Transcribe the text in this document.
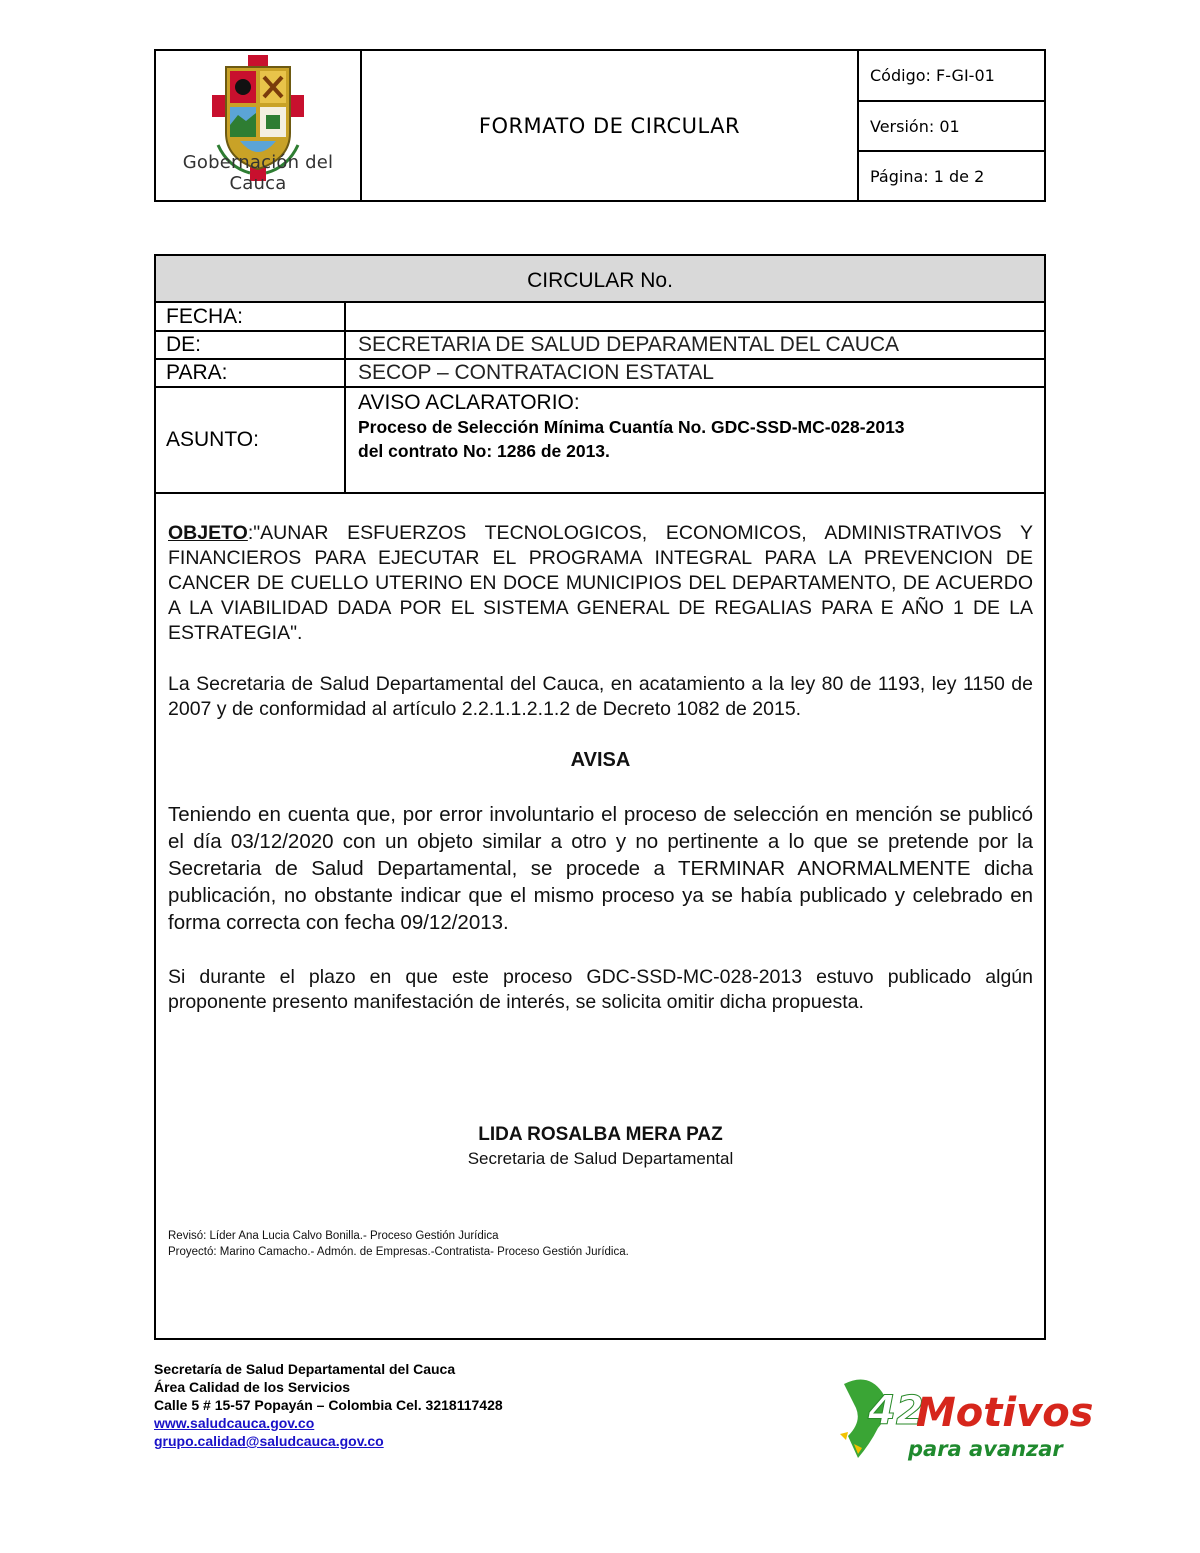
Gobernación del Cauca
FORMATO DE CIRCULAR
Código: F-GI-01
Versión: 01
Página: 1 de 2
CIRCULAR No.
FECHA:
DE:	SECRETARIA DE SALUD DEPARAMENTAL DEL CAUCA
PARA:	SECOP – CONTRATACION ESTATAL
ASUNTO:
AVISO ACLARATORIO:
Proceso de Selección Mínima Cuantía No. GDC-SSD-MC-028-2013
del contrato No: 1286 de 2013.
OBJETO:"AUNAR ESFUERZOS TECNOLOGICOS, ECONOMICOS, ADMINISTRATIVOS Y FINANCIEROS PARA EJECUTAR EL PROGRAMA INTEGRAL PARA LA PREVENCION DE CANCER DE CUELLO UTERINO EN DOCE MUNICIPIOS DEL DEPARTAMENTO, DE ACUERDO A LA VIABILIDAD DADA POR EL SISTEMA GENERAL DE REGALIAS PARA E AÑO 1 DE LA ESTRATEGIA".
La Secretaria de Salud Departamental del Cauca, en acatamiento a la ley 80 de 1193, ley 1150 de 2007 y de conformidad al artículo 2.2.1.1.2.1.2 de Decreto 1082 de 2015.
AVISA
Teniendo en cuenta que, por error involuntario el proceso de selección en mención se publicó el día 03/12/2020 con un objeto similar a otro y no pertinente a lo que se pretende por la Secretaria de Salud Departamental, se procede a TERMINAR ANORMALMENTE dicha publicación, no obstante indicar que el mismo proceso ya se había publicado y celebrado en forma correcta con fecha 09/12/2013.
Si durante el plazo en que este proceso GDC-SSD-MC-028-2013 estuvo publicado algún proponente presento manifestación de interés, se solicita omitir dicha propuesta.
LIDA ROSALBA MERA PAZ
Secretaria de Salud Departamental
Revisó: Líder Ana Lucia Calvo Bonilla.- Proceso Gestión Jurídica
Proyectó: Marino Camacho.- Admón. de Empresas.-Contratista- Proceso Gestión Jurídica.
Secretaría de Salud Departamental del Cauca
Área Calidad de los Servicios
Calle 5 # 15-57 Popayán – Colombia Cel. 3218117428
www.saludcauca.gov.co
grupo.calidad@saludcauca.gov.co
42
Motivos
para avanzar
